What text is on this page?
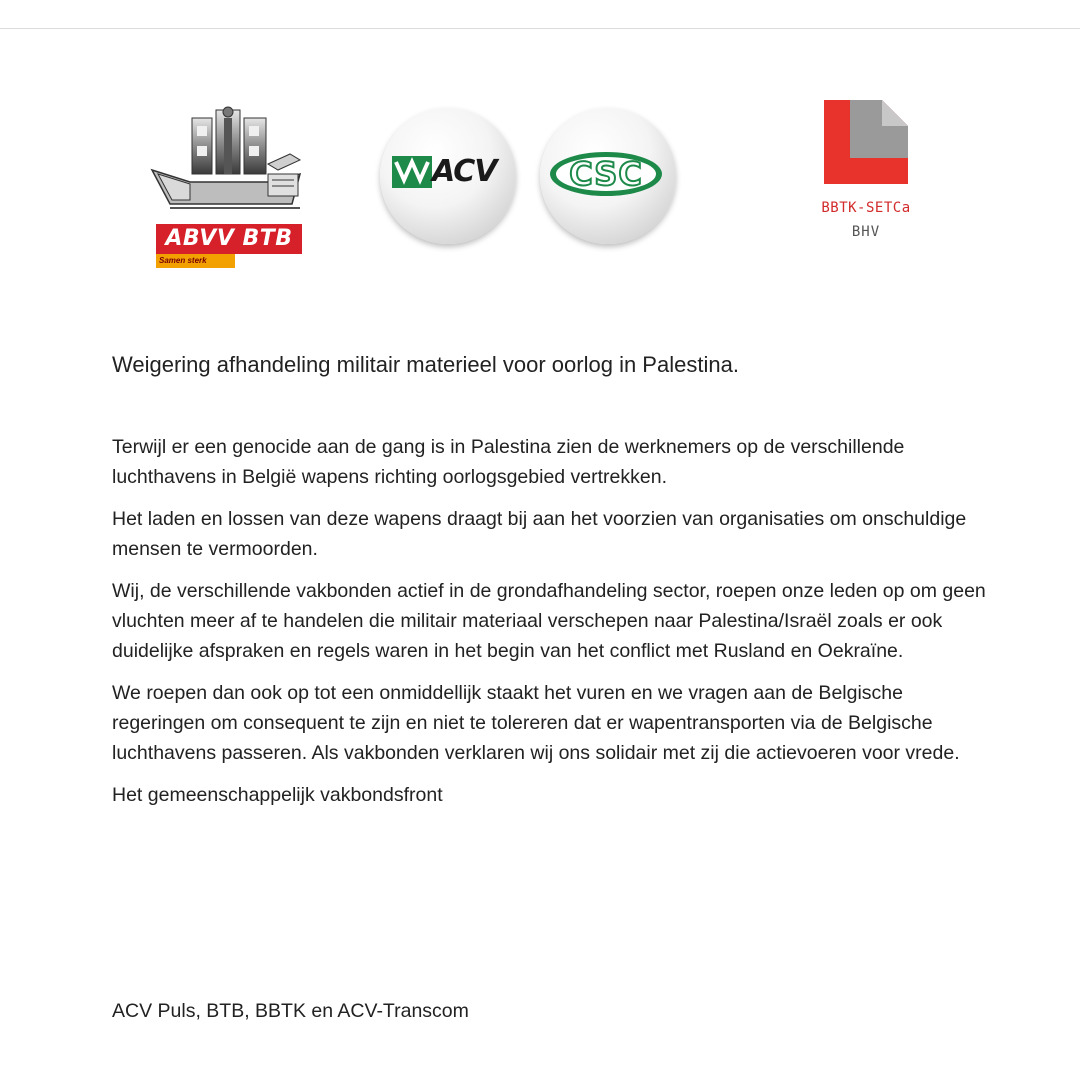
ABVV BTB
Samen sterk
ACV	CSC
BBTK-SETCa
BHV
Weigering afhandeling militair materieel voor oorlog in Palestina.

Terwijl er een genocide aan de gang is in Palestina zien de werknemers op de verschillende luchthavens in België wapens richting oorlogsgebied vertrekken.

Het laden en lossen van deze wapens draagt bij aan het voorzien van organisaties om onschuldige mensen te vermoorden.

Wij, de verschillende vakbonden actief in de grondafhandeling sector, roepen onze leden op om geen vluchten meer af te handelen die militair materiaal verschepen naar Palestina/Israël zoals er ook duidelijke afspraken en regels waren in het begin van het conflict met Rusland en Oekraïne.

We roepen dan ook op tot een onmiddellijk staakt het vuren en we vragen aan de Belgische regeringen om consequent te zijn en niet te tolereren dat er wapentransporten via de Belgische luchthavens passeren. Als vakbonden verklaren wij ons solidair met zij die actievoeren voor vrede.

Het gemeenschappelijk vakbondsfront

ACV Puls, BTB, BBTK en ACV-Transcom
